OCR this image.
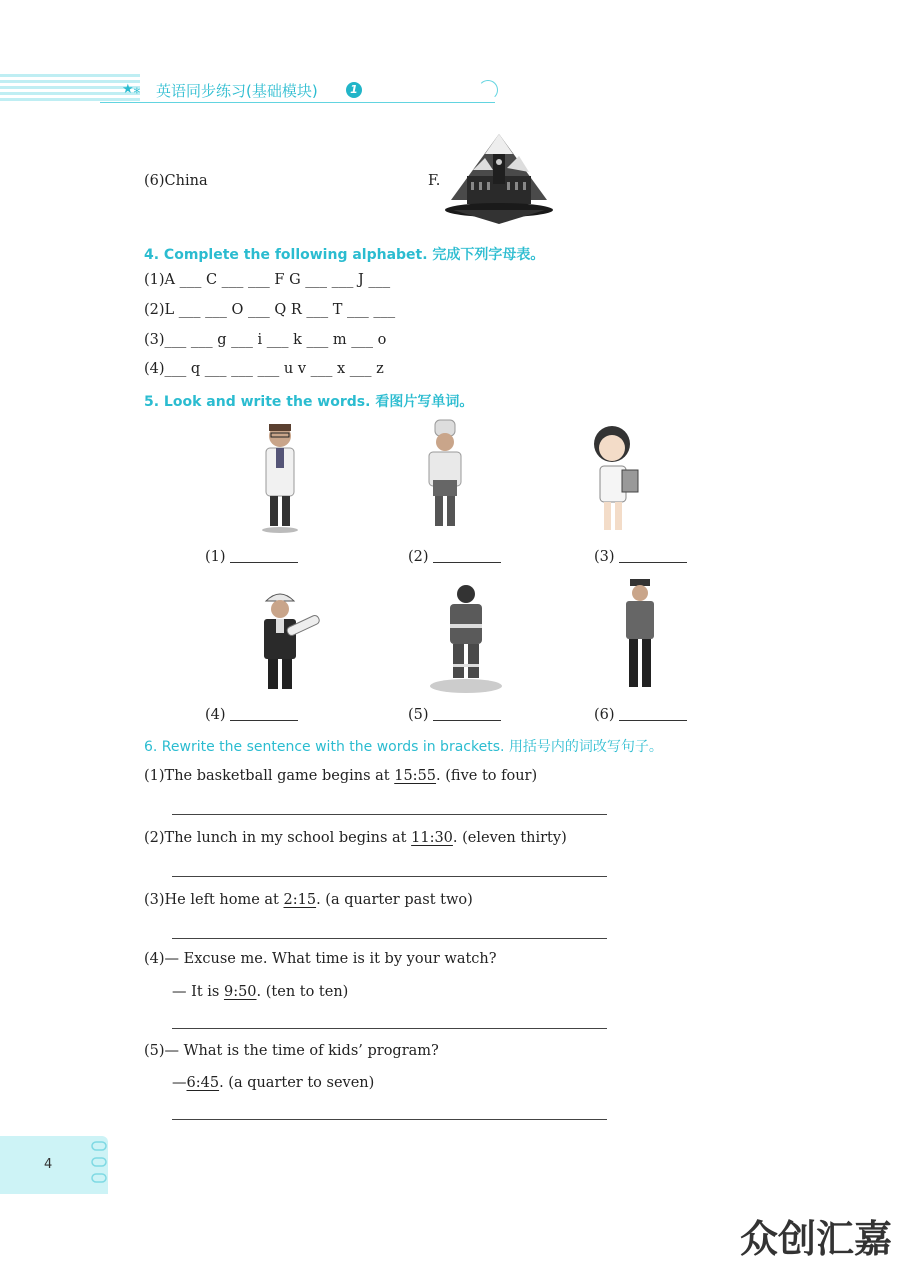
★⁎ 英语同步练习(基础模块)	1
(6)China	F.
4. Complete the following alphabet. 完成下列字母表。
(1)A ___ C ___ ___ F G ___ ___ J ___
(2)L ___ ___ O ___ Q R ___ T ___ ___
(3)___ ___ g ___ i ___ k ___ m ___ o
(4)___ q ___ ___ ___ u v ___ x ___ z
5. Look and write the words. 看图片写单词。
(1)	(2)	(3)
(4)	(5)	(6)
6. Rewrite the sentence with the words in brackets. 用括号内的词改写句子。
(1)The basketball game begins at 15:55. (five to four)
(2)The lunch in my school begins at 11:30. (eleven thirty)
(3)He left home at 2:15. (a quarter past two)
(4)— Excuse me. What time is it by your watch?
— It is 9:50. (ten to ten)
(5)— What is the time of kids’ program?
—6:45. (a quarter to seven)
4
众创汇嘉
